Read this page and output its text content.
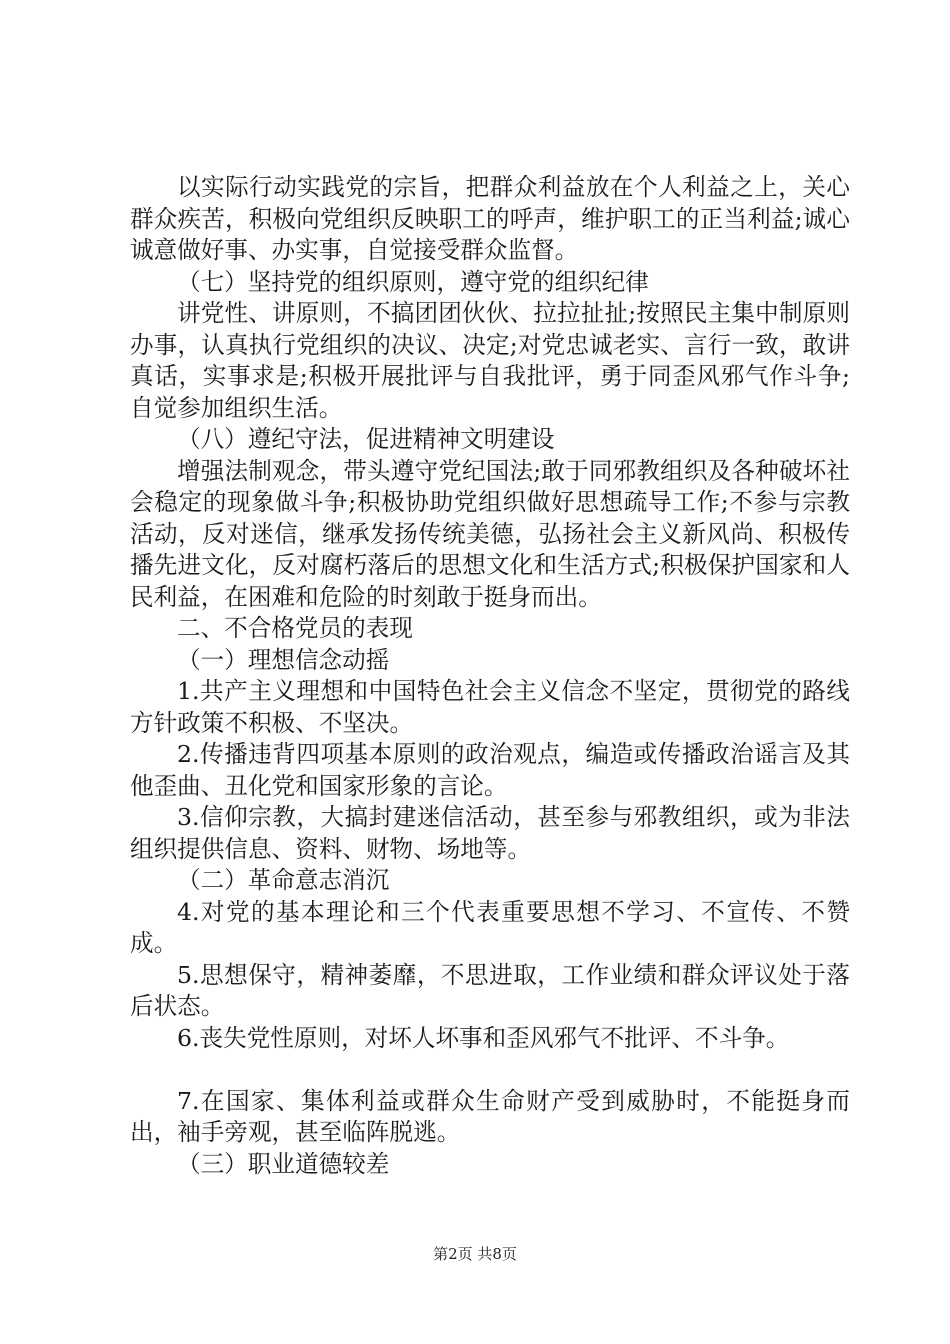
以实际行动实践党的宗旨，把群众利益放在个人利益之上，关心群众疾苦，积极向党组织反映职工的呼声，维护职工的正当利益;诚心诚意做好事、办实事，自觉接受群众监督。

（七）坚持党的组织原则，遵守党的组织纪律

讲党性、讲原则，不搞团团伙伙、拉拉扯扯;按照民主集中制原则办事，认真执行党组织的决议、决定;对党忠诚老实、言行一致，敢讲真话，实事求是;积极开展批评与自我批评，勇于同歪风邪气作斗争;自觉参加组织生活。

（八）遵纪守法，促进精神文明建设

增强法制观念，带头遵守党纪国法;敢于同邪教组织及各种破坏社会稳定的现象做斗争;积极协助党组织做好思想疏导工作;不参与宗教活动，反对迷信，继承发扬传统美德，弘扬社会主义新风尚、积极传播先进文化，反对腐朽落后的思想文化和生活方式;积极保护国家和人民利益，在困难和危险的时刻敢于挺身而出。

二、不合格党员的表现

（一）理想信念动摇

1.共产主义理想和中国特色社会主义信念不坚定，贯彻党的路线方针政策不积极、不坚决。

2.传播违背四项基本原则的政治观点，编造或传播政治谣言及其他歪曲、丑化党和国家形象的言论。

3.信仰宗教，大搞封建迷信活动，甚至参与邪教组织，或为非法组织提供信息、资料、财物、场地等。

（二）革命意志消沉

4.对党的基本理论和三个代表重要思想不学习、不宣传、不赞成。

5.思想保守，精神萎靡，不思进取，工作业绩和群众评议处于落后状态。

6.丧失党性原则，对坏人坏事和歪风邪气不批评、不斗争。

7.在国家、集体利益或群众生命财产受到威胁时，不能挺身而出，袖手旁观，甚至临阵脱逃。

（三）职业道德较差

第2页 共8页
